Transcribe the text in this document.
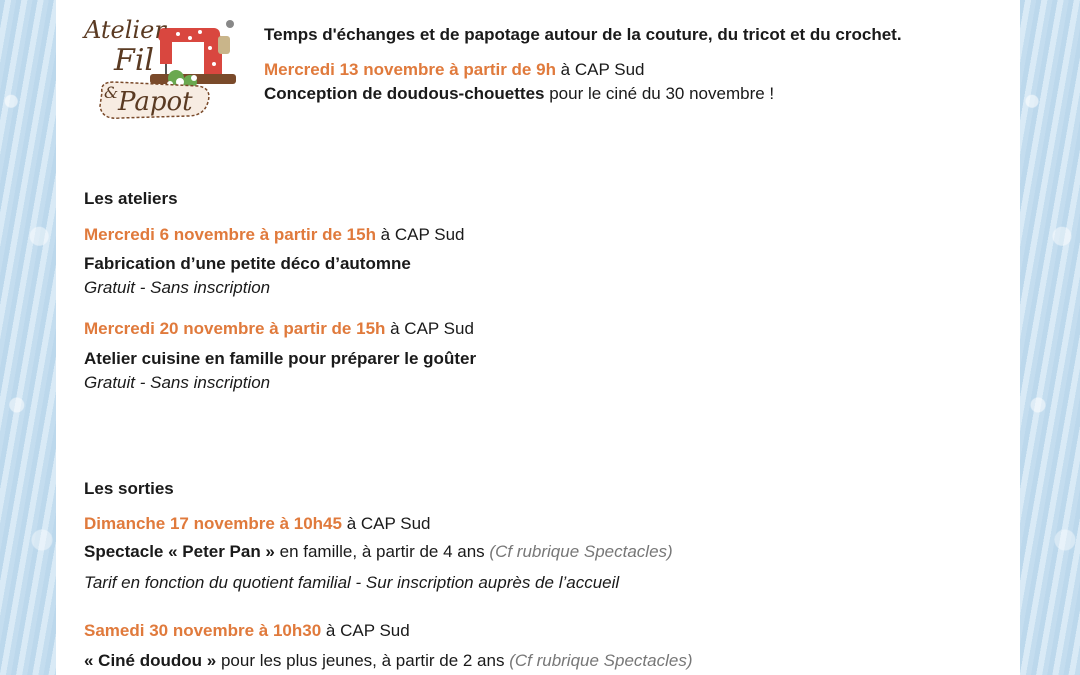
Atelier
Fil
& Papot
Temps d'échanges et de papotage autour de la couture, du tricot et du crochet.
Mercredi 13 novembre à partir de 9h à CAP Sud
Conception de doudous-chouettes pour le ciné du 30 novembre !
Les ateliers
Mercredi 6 novembre à partir de 15h à CAP Sud
Fabrication d’une petite déco d’automne
Gratuit - Sans inscription
Mercredi 20 novembre à partir de 15h à CAP Sud
Atelier cuisine en famille pour préparer le goûter
Gratuit - Sans inscription
Les sorties
Dimanche 17 novembre à 10h45 à CAP Sud
Spectacle « Peter Pan » en famille, à partir de 4 ans (Cf rubrique Spectacles)
Tarif en fonction du quotient familial - Sur inscription auprès de l’accueil
Samedi 30 novembre à 10h30 à CAP Sud
« Ciné doudou » pour les plus jeunes, à partir de 2 ans (Cf rubrique Spectacles)
